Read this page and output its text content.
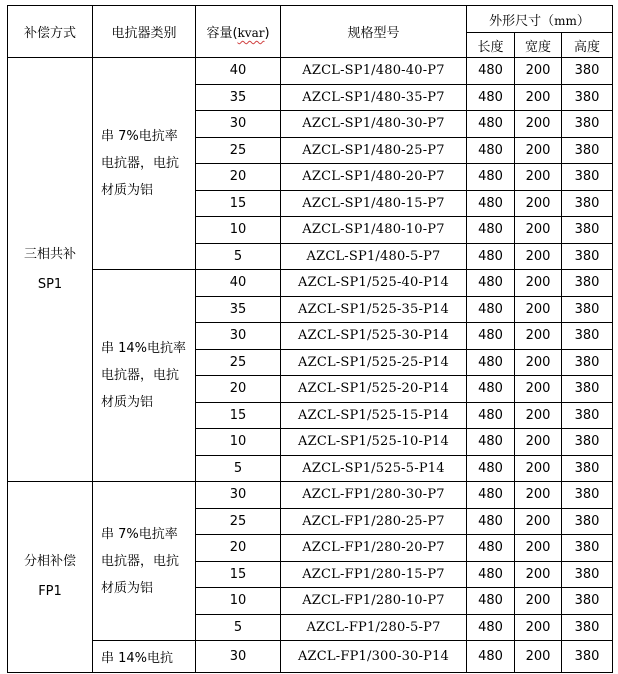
补偿方式	电抗器类别	容量(kvar)	规格型号	外形尺寸（mm）		
				长度	宽度	高度

三相共补
SP1	串 7%电抗率电抗器，电抗材质为铝	40	AZCL-SP1/480-40-P7	480	200	380
		35	AZCL-SP1/480-35-P7	480	200	380
		30	AZCL-SP1/480-30-P7	480	200	380
		25	AZCL-SP1/480-25-P7	480	200	380
		20	AZCL-SP1/480-20-P7	480	200	380
		15	AZCL-SP1/480-15-P7	480	200	380
		10	AZCL-SP1/480-10-P7	480	200	380
		5	AZCL-SP1/480-5-P7	480	200	380
	串 14%电抗率电抗器，电抗材质为铝	40	AZCL-SP1/525-40-P14	480	200	380
		35	AZCL-SP1/525-35-P14	480	200	380
		30	AZCL-SP1/525-30-P14	480	200	380
		25	AZCL-SP1/525-25-P14	480	200	380
		20	AZCL-SP1/525-20-P14	480	200	380
		15	AZCL-SP1/525-15-P14	480	200	380
		10	AZCL-SP1/525-10-P14	480	200	380
		5	AZCL-SP1/525-5-P14	480	200	380

分相补偿
FP1	串 7%电抗率电抗器，电抗材质为铝	30	AZCL-FP1/280-30-P7	480	200	380
		25	AZCL-FP1/280-25-P7	480	200	380
		20	AZCL-FP1/280-20-P7	480	200	380
		15	AZCL-FP1/280-15-P7	480	200	380
		10	AZCL-FP1/280-10-P7	480	200	380
		5	AZCL-FP1/280-5-P7	480	200	380
	串 14%电抗	30	AZCL-FP1/300-30-P14	480	200	380
